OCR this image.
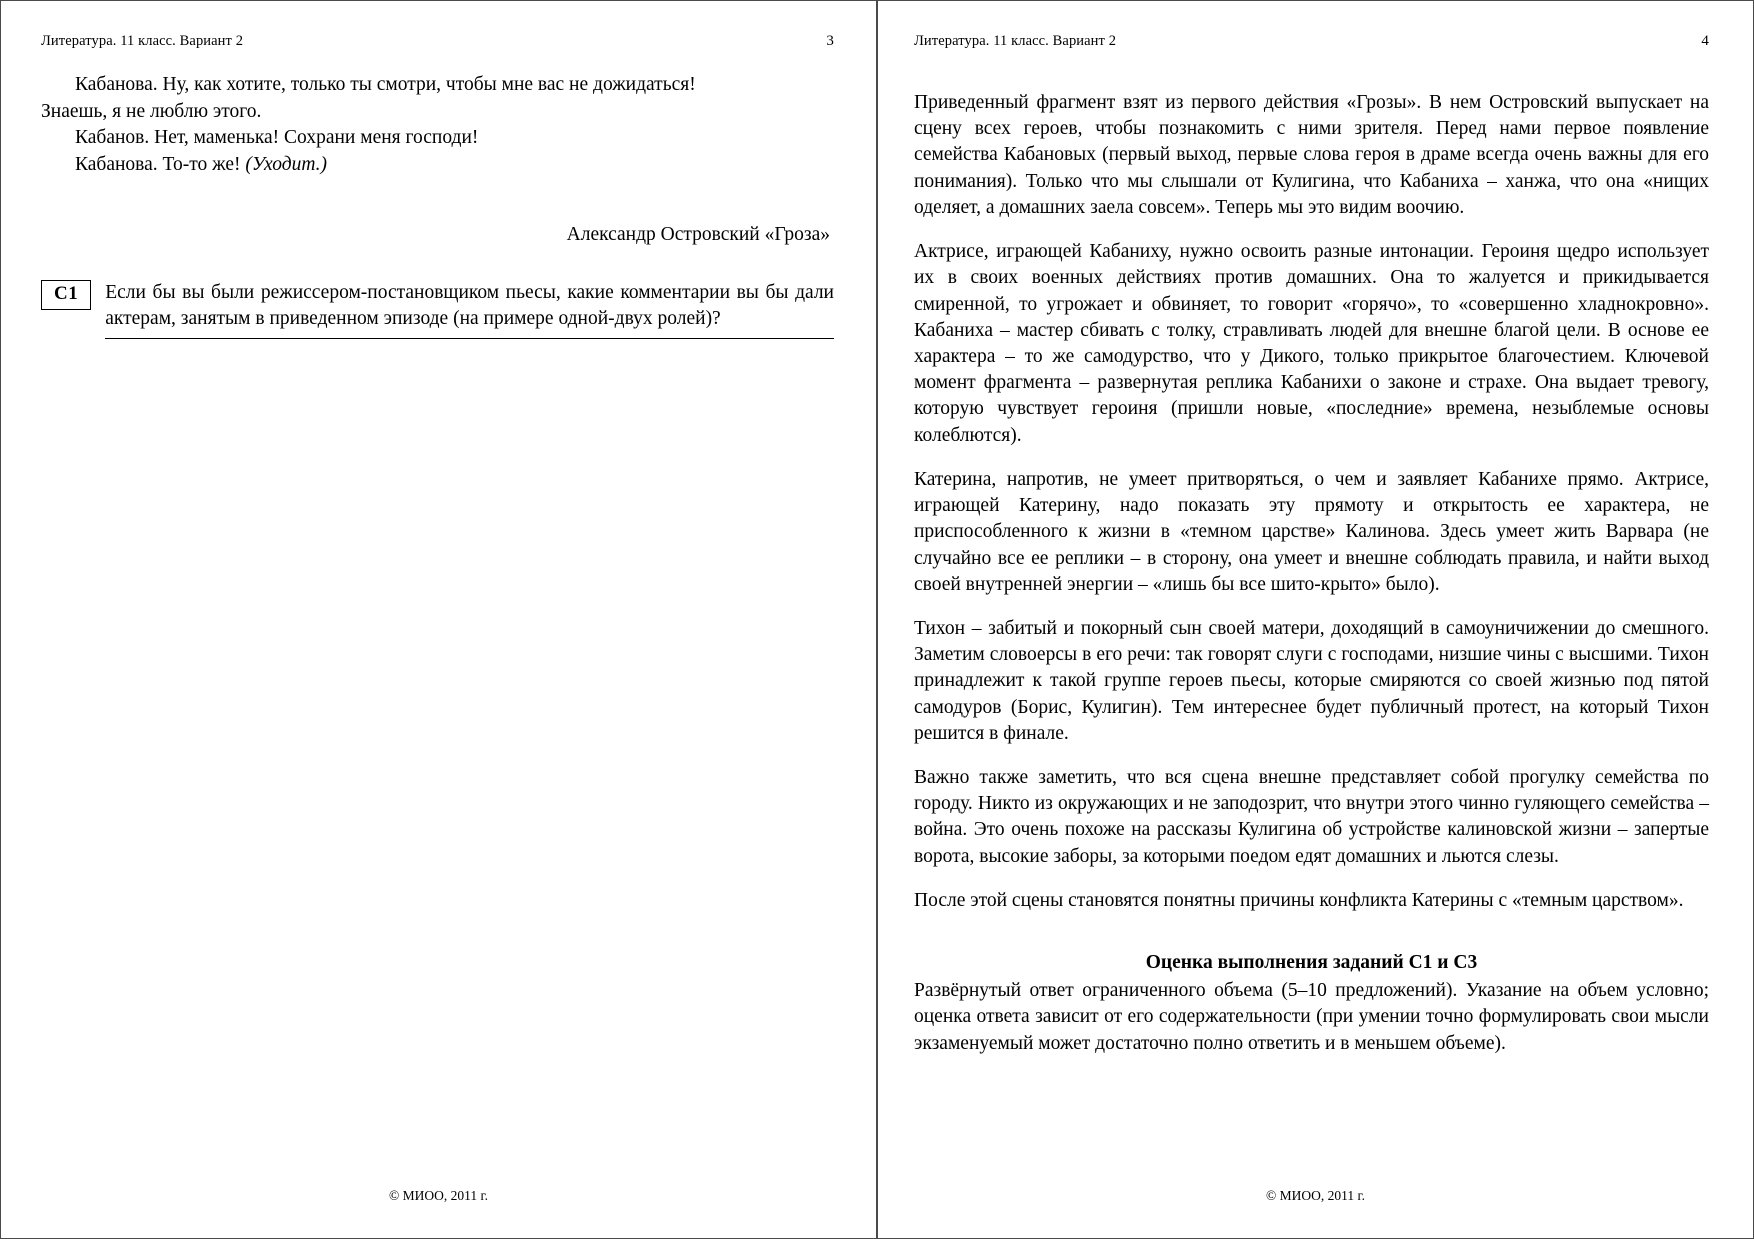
Литература. 11 класс. Вариант 2	3
Кабанова. Ну, как хотите, только ты смотри, чтобы мне вас не дожидаться!
Знаешь, я не люблю этого.
Кабанов. Нет, маменька! Сохрани меня господи!
Кабанова. То-то же! (Уходит.)
Александр Островский «Гроза»
C1	Если бы вы были режиссером-постановщиком пьесы, какие комментарии вы бы дали актерам, занятым в приведенном эпизоде (на примере одной-двух ролей)?
© МИОО, 2011 г.
Литература. 11 класс. Вариант 2	4

Приведенный фрагмент взят из первого действия «Грозы». В нем Островский выпускает на сцену всех героев, чтобы познакомить с ними зрителя. Перед нами первое появление семейства Кабановых (первый выход, первые слова героя в драме всегда очень важны для его понимания). Только что мы слышали от Кулигина, что Кабаниха – ханжа, что она «нищих оделяет, а домашних заела совсем». Теперь мы это видим воочию.

Актрисе, играющей Кабаниху, нужно освоить разные интонации. Героиня щедро использует их в своих военных действиях против домашних. Она то жалуется и прикидывается смиренной, то угрожает и обвиняет, то говорит «горячо», то «совершенно хладнокровно». Кабаниха – мастер сбивать с толку, стравливать людей для внешне благой цели. В основе ее характера – то же самодурство, что у Дикого, только прикрытое благочестием. Ключевой момент фрагмента – развернутая реплика Кабанихи о законе и страхе. Она выдает тревогу, которую чувствует героиня (пришли новые, «последние» времена, незыблемые основы колеблются).

Катерина, напротив, не умеет притворяться, о чем и заявляет Кабанихе прямо. Актрисе, играющей Катерину, надо показать эту прямоту и открытость ее характера, не приспособленного к жизни в «темном царстве» Калинова. Здесь умеет жить Варвара (не случайно все ее реплики – в сторону, она умеет и внешне соблюдать правила, и найти выход своей внутренней энергии – «лишь бы все шито-крыто» было).

Тихон – забитый и покорный сын своей матери, доходящий в самоуничижении до смешного. Заметим словоерсы в его речи: так говорят слуги с господами, низшие чины с высшими. Тихон принадлежит к такой группе героев пьесы, которые смиряются со своей жизнью под пятой самодуров (Борис, Кулигин). Тем интереснее будет публичный протест, на который Тихон решится в финале.

Важно также заметить, что вся сцена внешне представляет собой прогулку семейства по городу. Никто из окружающих и не заподозрит, что внутри этого чинно гуляющего семейства – война. Это очень похоже на рассказы Кулигина об устройстве калиновской жизни – запертые ворота, высокие заборы, за которыми поедом едят домашних и льются слезы.

После этой сцены становятся понятны причины конфликта Катерины с «темным царством».

Оценка выполнения заданий C1 и C3

Развёрнутый ответ ограниченного объема (5–10 предложений). Указание на объем условно; оценка ответа зависит от его содержательности (при умении точно формулировать свои мысли экзаменуемый может достаточно полно ответить и в меньшем объеме).

© МИОО, 2011 г.
